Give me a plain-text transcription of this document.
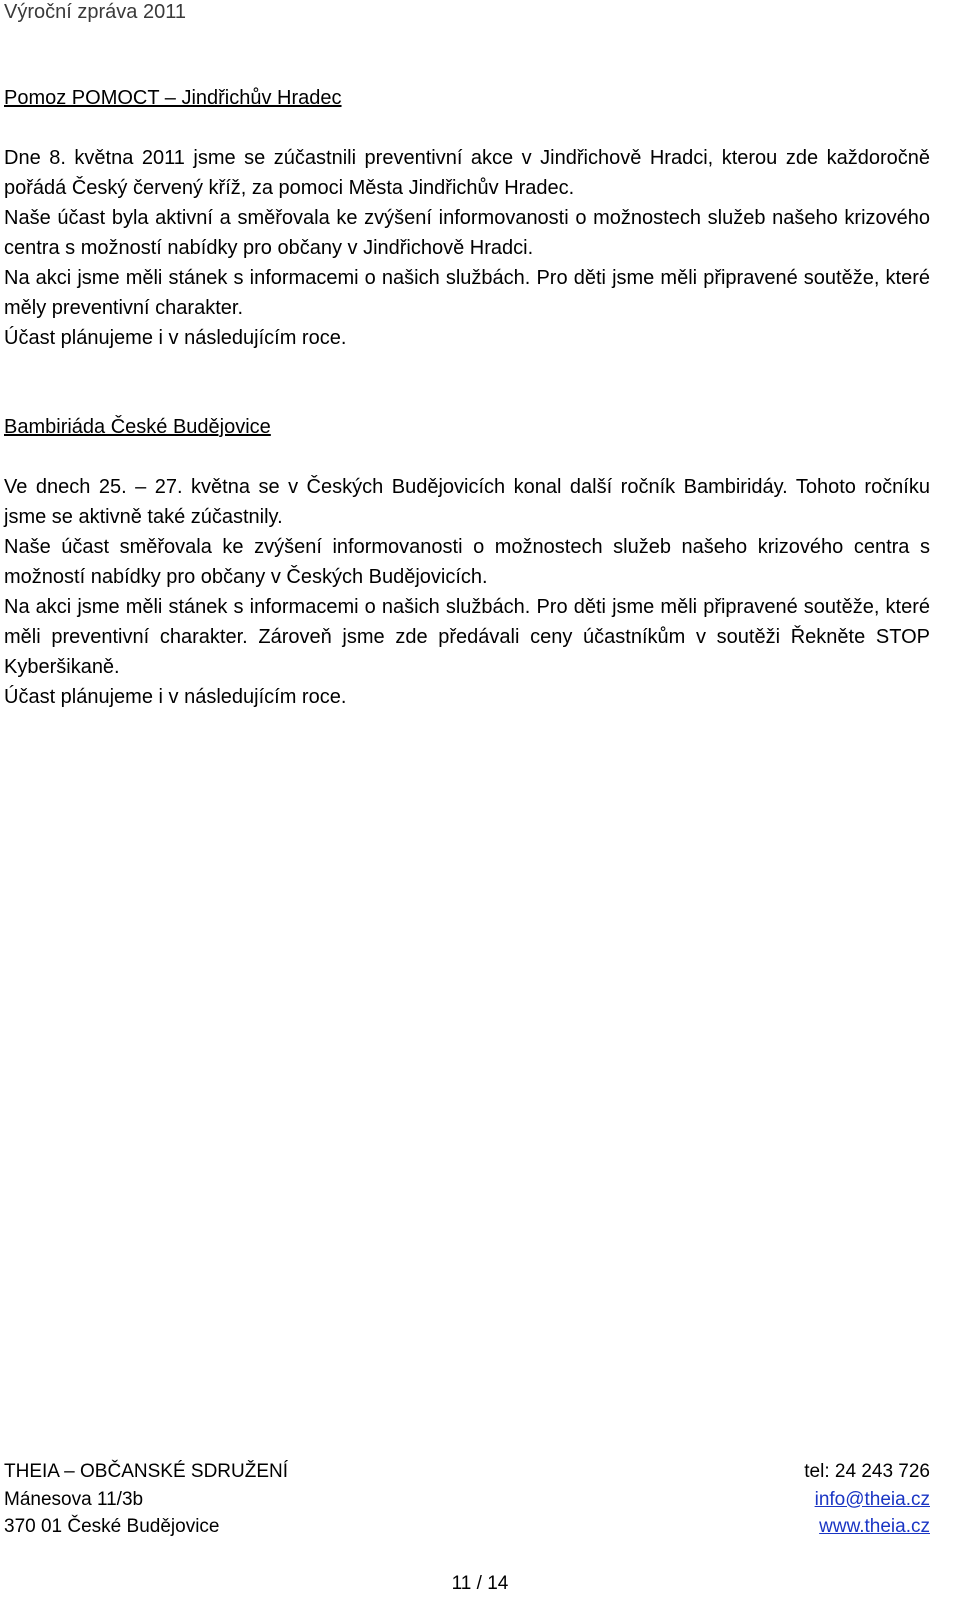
Výroční zpráva 2011
Pomoz POMOCT – Jindřichův Hradec

Dne 8. května 2011 jsme se zúčastnili preventivní akce v Jindřichově Hradci, kterou zde každoročně pořádá Český červený kříž, za pomoci Města Jindřichův Hradec.

Naše účast byla aktivní a směřovala ke zvýšení informovanosti o možnostech služeb našeho krizového centra s možností nabídky pro občany v Jindřichově Hradci.

Na akci jsme měli stánek s informacemi o našich službách. Pro děti jsme měli připravené soutěže, které měly preventivní charakter.

Účast plánujeme i v následujícím roce.

Bambiriáda České Budějovice

Ve dnech 25. – 27. května se v Českých Budějovicích konal další ročník Bambiridáy. Tohoto ročníku jsme se aktivně také zúčastnily.

Naše účast směřovala ke zvýšení informovanosti o možnostech služeb našeho krizového centra s možností nabídky pro občany v Českých Budějovicích.

Na akci jsme měli stánek s informacemi o našich službách. Pro děti jsme měli připravené soutěže, které měli preventivní charakter. Zároveň jsme zde předávali ceny účastníkům v soutěži Řekněte STOP Kyberšikaně.

Účast plánujeme i v následujícím roce.

THEIA – OBČANSKÉ SDRUŽENÍ
Mánesova 11/3b
370 01 České Budějovice
tel: 24 243 726
info@theia.cz
www.theia.cz
11 / 14
